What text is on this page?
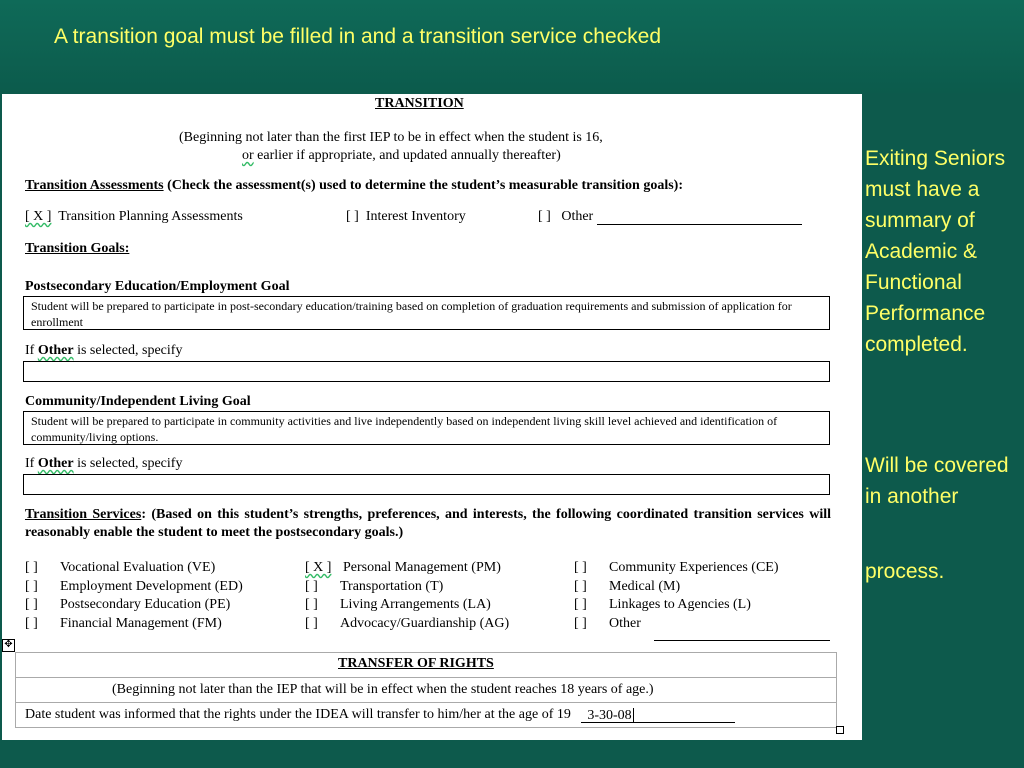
A transition goal must be filled in and a transition service checked
TRANSITION
(Beginning not later than the first IEP to be in effect when the student is 16,
or earlier if appropriate, and updated annually thereafter)
Transition Assessments (Check the assessment(s) used to determine the student’s measurable transition goals):
[ X ] Transition Planning Assessments	[ ] Interest Inventory	[ ] Other
Transition Goals:
Postsecondary Education/Employment Goal
Student will be prepared to participate in post-secondary education/training based on completion of graduation requirements and submission of application for enrollment
If Other is selected, specify
Community/Independent Living Goal
Student will be prepared to participate in community activities and live independently based on independent living skill level achieved and identification of community/living options.
If Other is selected, specify
Transition Services: (Based on this student’s strengths, preferences, and interests, the following coordinated transition services will reasonably enable the student to meet the postsecondary goals.)
[ ] Vocational Evaluation (VE)
[ ] Employment Development (ED)
[ ] Postsecondary Education (PE)
[ ] Financial Management (FM)
[ X ] Personal Management (PM)
[ ] Transportation (T)
[ ] Living Arrangements (LA)
[ ] Advocacy/Guardianship (AG)
[ ] Community Experiences (CE)
[ ] Medical (M)
[ ] Linkages to Agencies (L)
[ ] Other
✥
TRANSFER OF RIGHTS
(Beginning not later than the IEP that will be in effect when the student reaches 18 years of age.)
Date student was informed that the rights under the IDEA will transfer to him/her at the age of 19 3-30-08
Exiting Seniors must have a summary of Academic & Functional Performance completed.
Will be covered in another
process.
